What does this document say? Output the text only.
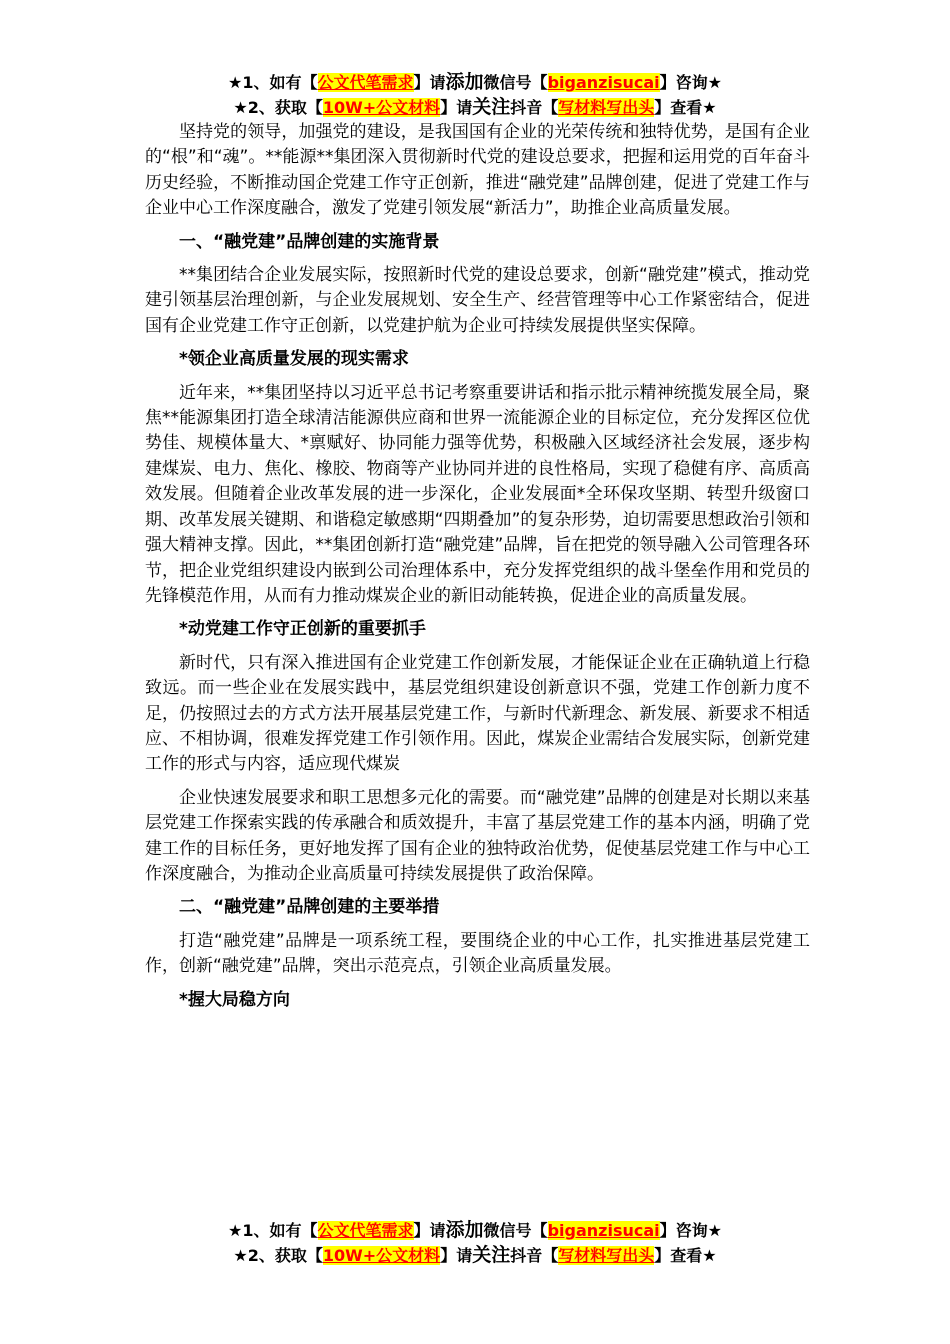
★1、如有【公文代笔需求】请添加微信号【biganzisucai】咨询★
★2、获取【10W+公文材料】请关注抖音【写材料写出头】查看★

坚持党的领导，加强党的建设，是我国国有企业的光荣传统和独特优势，是国有企业的“根”和“魂”。**能源**集团深入贯彻新时代党的建设总要求，把握和运用党的百年奋斗历史经验，不断推动国企党建工作守正创新，推进“融党建”品牌创建，促进了党建工作与企业中心工作深度融合，激发了党建引领发展“新活力”，助推企业高质量发展。

一、“融党建”品牌创建的实施背景

**集团结合企业发展实际，按照新时代党的建设总要求，创新“融党建”模式，推动党建引领基层治理创新，与企业发展规划、安全生产、经营管理等中心工作紧密结合，促进国有企业党建工作守正创新，以党建护航为企业可持续发展提供坚实保障。

*领企业高质量发展的现实需求

近年来，**集团坚持以习近平总书记考察重要讲话和指示批示精神统揽发展全局，聚焦**能源集团打造全球清洁能源供应商和世界一流能源企业的目标定位，充分发挥区位优势佳、规模体量大、*禀赋好、协同能力强等优势，积极融入区域经济社会发展，逐步构建煤炭、电力、焦化、橡胶、物商等产业协同并进的良性格局，实现了稳健有序、高质高效发展。但随着企业改革发展的进一步深化，企业发展面*全环保攻坚期、转型升级窗口期、改革发展关键期、和谐稳定敏感期“四期叠加”的复杂形势，迫切需要思想政治引领和强大精神支撑。因此，**集团创新打造“融党建”品牌，旨在把党的领导融入公司管理各环节，把企业党组织建设内嵌到公司治理体系中，充分发挥党组织的战斗堡垒作用和党员的先锋模范作用，从而有力推动煤炭企业的新旧动能转换，促进企业的高质量发展。

*动党建工作守正创新的重要抓手

新时代，只有深入推进国有企业党建工作创新发展，才能保证企业在正确轨道上行稳致远。而一些企业在发展实践中，基层党组织建设创新意识不强，党建工作创新力度不足，仍按照过去的方式方法开展基层党建工作，与新时代新理念、新发展、新要求不相适应、不相协调，很难发挥党建工作引领作用。因此，煤炭企业需结合发展实际，创新党建工作的形式与内容，适应现代煤炭

企业快速发展要求和职工思想多元化的需要。而“融党建”品牌的创建是对长期以来基层党建工作探索实践的传承融合和质效提升，丰富了基层党建工作的基本内涵，明确了党建工作的目标任务，更好地发挥了国有企业的独特政治优势，促使基层党建工作与中心工作深度融合，为推动企业高质量可持续发展提供了政治保障。

二、“融党建”品牌创建的主要举措

打造“融党建”品牌是一项系统工程，要围绕企业的中心工作，扎实推进基层党建工作，创新“融党建”品牌，突出示范亮点，引领企业高质量发展。

*握大局稳方向

★1、如有【公文代笔需求】请添加微信号【biganzisucai】咨询★
★2、获取【10W+公文材料】请关注抖音【写材料写出头】查看★
